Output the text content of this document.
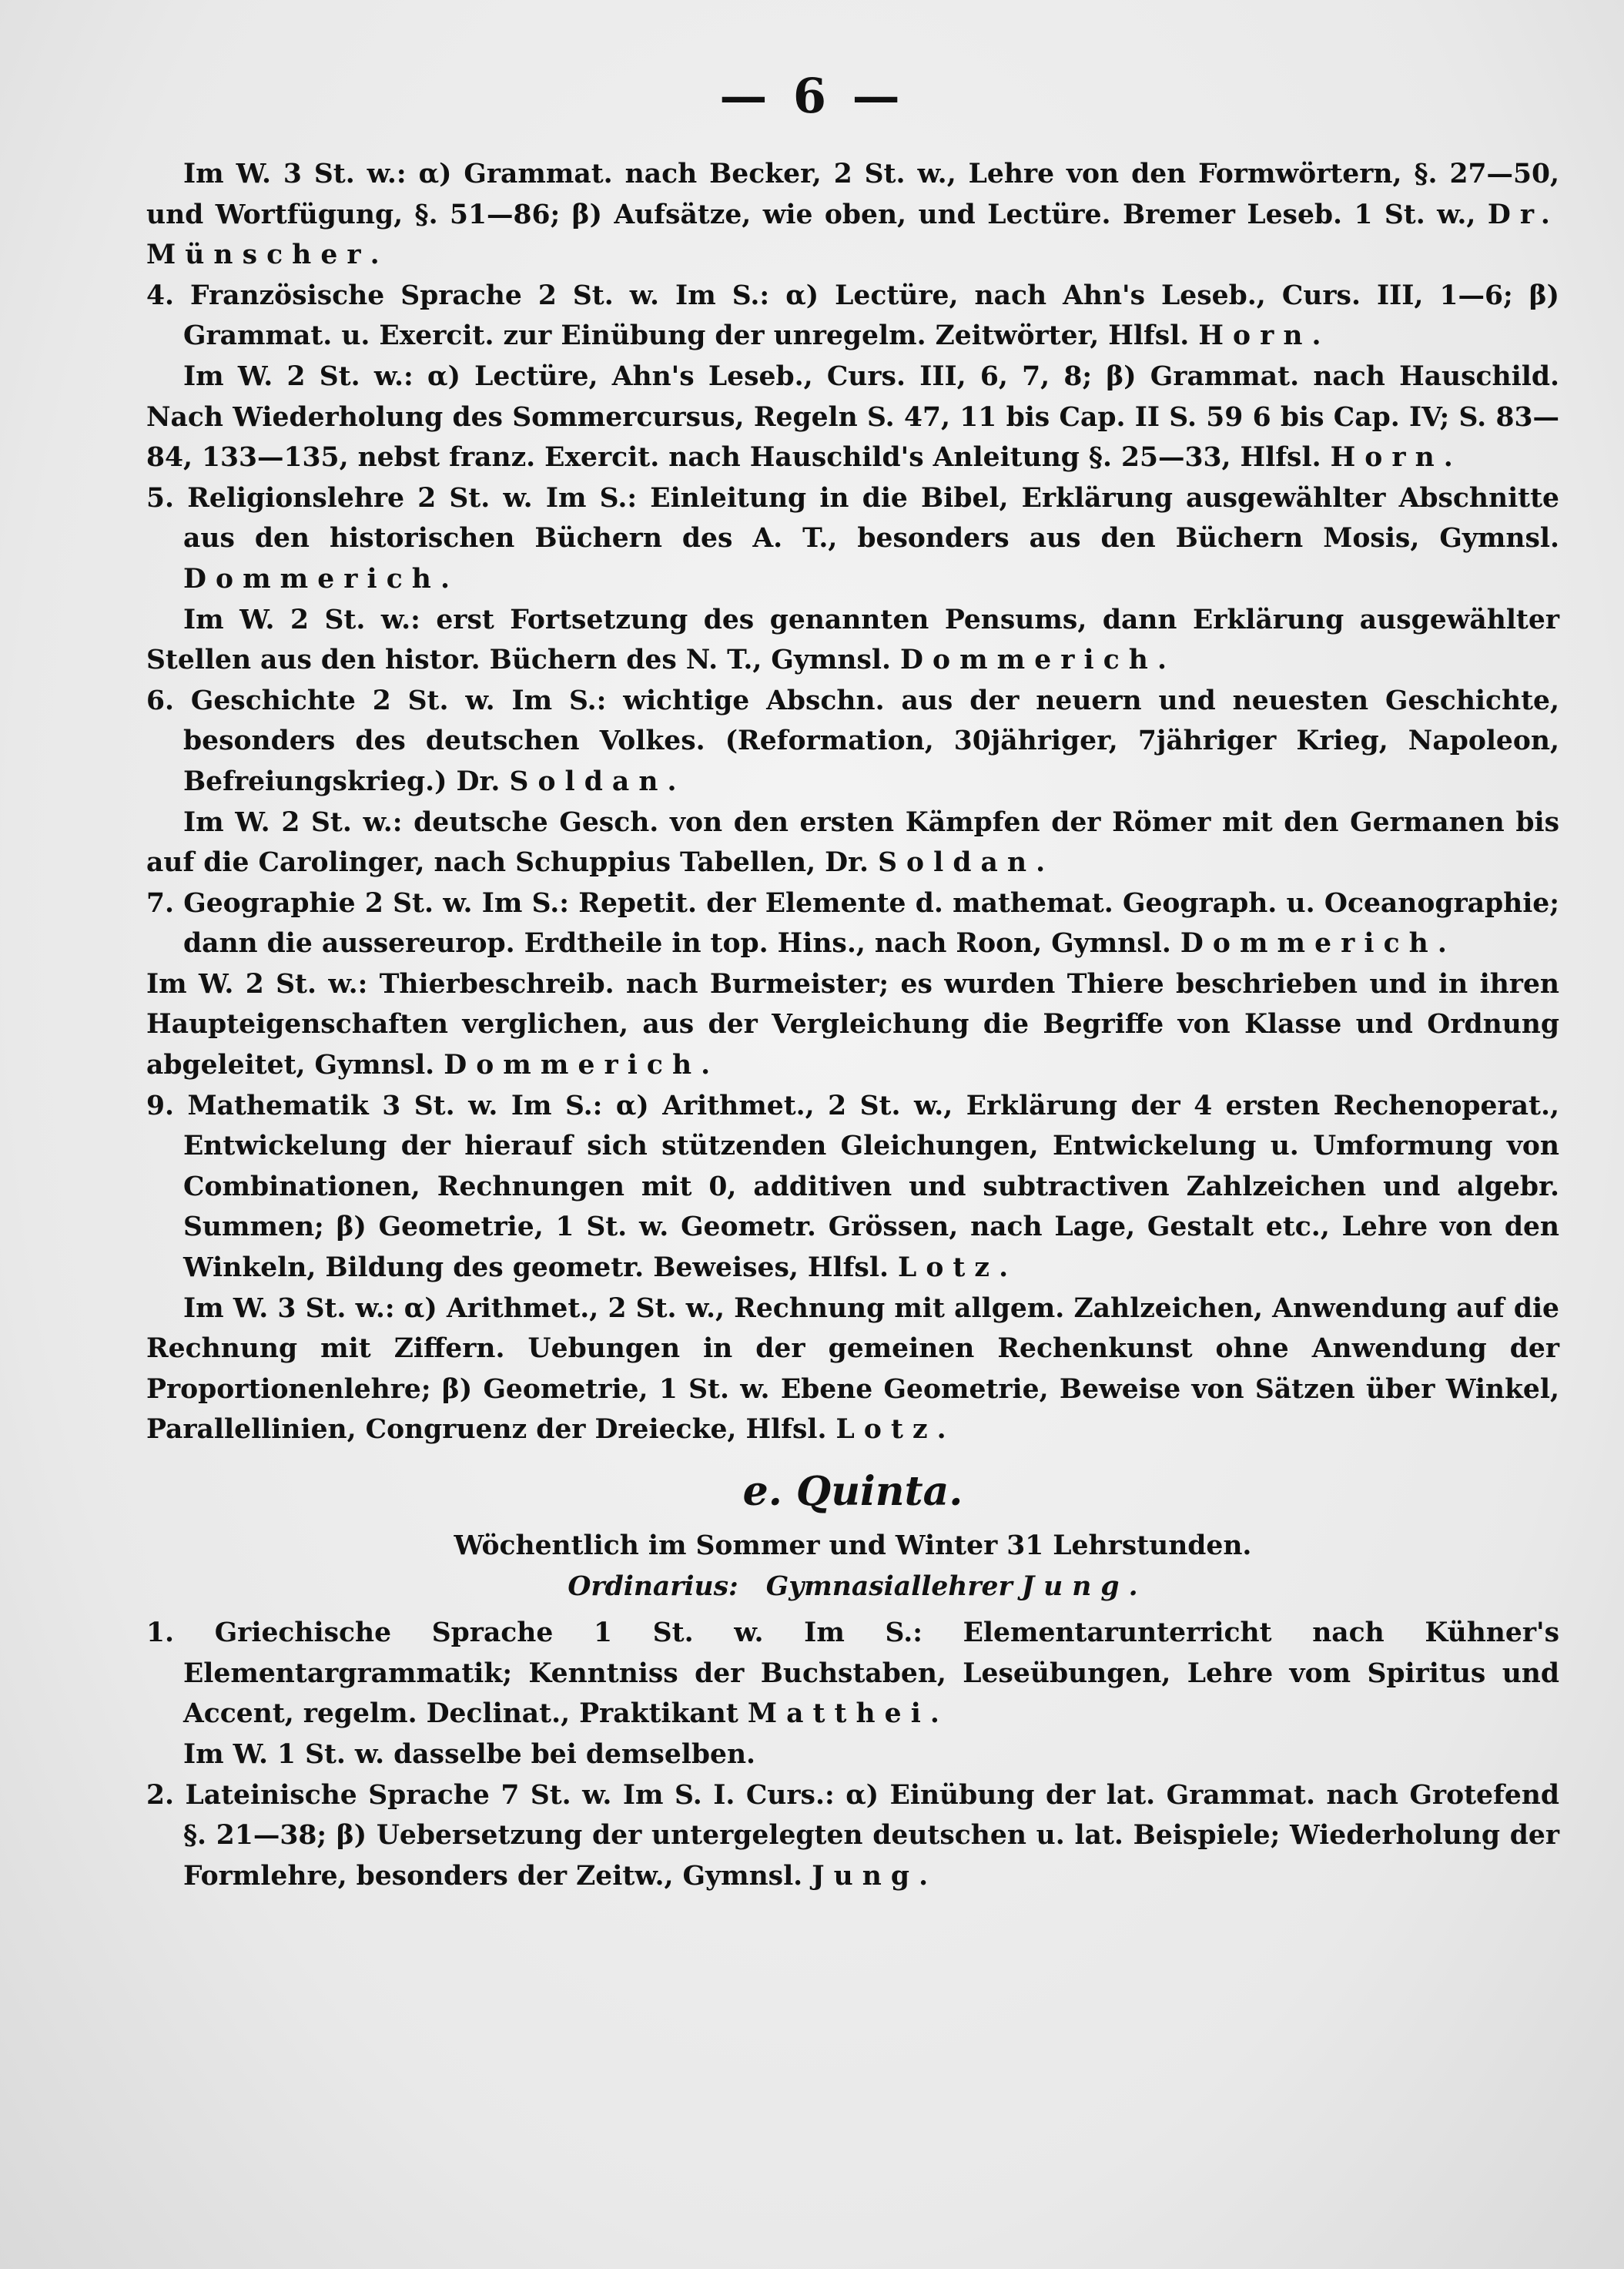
— 6 —

Im W. 3 St. w.: α) Grammat. nach Becker, 2 St. w., Lehre von den Formwörtern, §. 27—50, und Wortfügung, §. 51—86; β) Aufsätze, wie oben, und Lectüre. Bremer Leseb. 1 St. w., Dr. Münscher.

4. Französische Sprache 2 St. w. Im S.: α) Lectüre, nach Ahn's Leseb., Curs. III, 1—6; β) Grammat. u. Exercit. zur Einübung der unregelm. Zeitwörter, Hlfsl. Horn.

Im W. 2 St. w.: α) Lectüre, Ahn's Leseb., Curs. III, 6, 7, 8; β) Grammat. nach Hauschild. Nach Wiederholung des Sommercursus, Regeln S. 47, 11 bis Cap. II S. 59 6 bis Cap. IV; S. 83—84, 133—135, nebst franz. Exercit. nach Hauschild's Anleitung §. 25—33, Hlfsl. Horn.

5. Religionslehre 2 St. w. Im S.: Einleitung in die Bibel, Erklärung ausgewählter Abschnitte aus den historischen Büchern des A. T., besonders aus den Büchern Mosis, Gymnsl. Dommerich.

Im W. 2 St. w.: erst Fortsetzung des genannten Pensums, dann Erklärung ausgewählter Stellen aus den histor. Büchern des N. T., Gymnsl. Dommerich.

6. Geschichte 2 St. w. Im S.: wichtige Abschn. aus der neuern und neuesten Geschichte, besonders des deutschen Volkes. (Reformation, 30jähriger, 7jähriger Krieg, Napoleon, Befreiungskrieg.) Dr. Soldan.

Im W. 2 St. w.: deutsche Gesch. von den ersten Kämpfen der Römer mit den Germanen bis auf die Carolinger, nach Schuppius Tabellen, Dr. Soldan.

7. Geographie 2 St. w. Im S.: Repetit. der Elemente d. mathemat. Geograph. u. Oceanographie; dann die aussereurop. Erdtheile in top. Hins., nach Roon, Gymnsl. Dommerich.

Im W. 2 St. w.: Thierbeschreib. nach Burmeister; es wurden Thiere beschrieben und in ihren Haupteigenschaften verglichen, aus der Vergleichung die Begriffe von Klasse und Ordnung abgeleitet, Gymnsl. Dommerich.

9. Mathematik 3 St. w. Im S.: α) Arithmet., 2 St. w., Erklärung der 4 ersten Rechenoperat., Entwickelung der hierauf sich stützenden Gleichungen, Entwickelung u. Umformung von Combinationen, Rechnungen mit 0, additiven und subtractiven Zahlzeichen und algebr. Summen; β) Geometrie, 1 St. w. Geometr. Grössen, nach Lage, Gestalt etc., Lehre von den Winkeln, Bildung des geometr. Beweises, Hlfsl. Lotz.

Im W. 3 St. w.: α) Arithmet., 2 St. w., Rechnung mit allgem. Zahlzeichen, Anwendung auf die Rechnung mit Ziffern. Uebungen in der gemeinen Rechenkunst ohne Anwendung der Proportionenlehre; β) Geometrie, 1 St. w. Ebene Geometrie, Beweise von Sätzen über Winkel, Parallellinien, Congruenz der Dreiecke, Hlfsl. Lotz.

e. Quinta.

Wöchentlich im Sommer und Winter 31 Lehrstunden.

Ordinarius: Gymnasiallehrer Jung.

1. Griechische Sprache 1 St. w. Im S.: Elementarunterricht nach Kühner's Elementargrammatik; Kenntniss der Buchstaben, Leseübungen, Lehre vom Spiritus und Accent, regelm. Declinat., Praktikant Matthei.

Im W. 1 St. w. dasselbe bei demselben.

2. Lateinische Sprache 7 St. w. Im S. I. Curs.: α) Einübung der lat. Grammat. nach Grotefend §. 21—38; β) Uebersetzung der untergelegten deutschen u. lat. Beispiele; Wiederholung der Formlehre, besonders der Zeitw., Gymnsl. Jung.
